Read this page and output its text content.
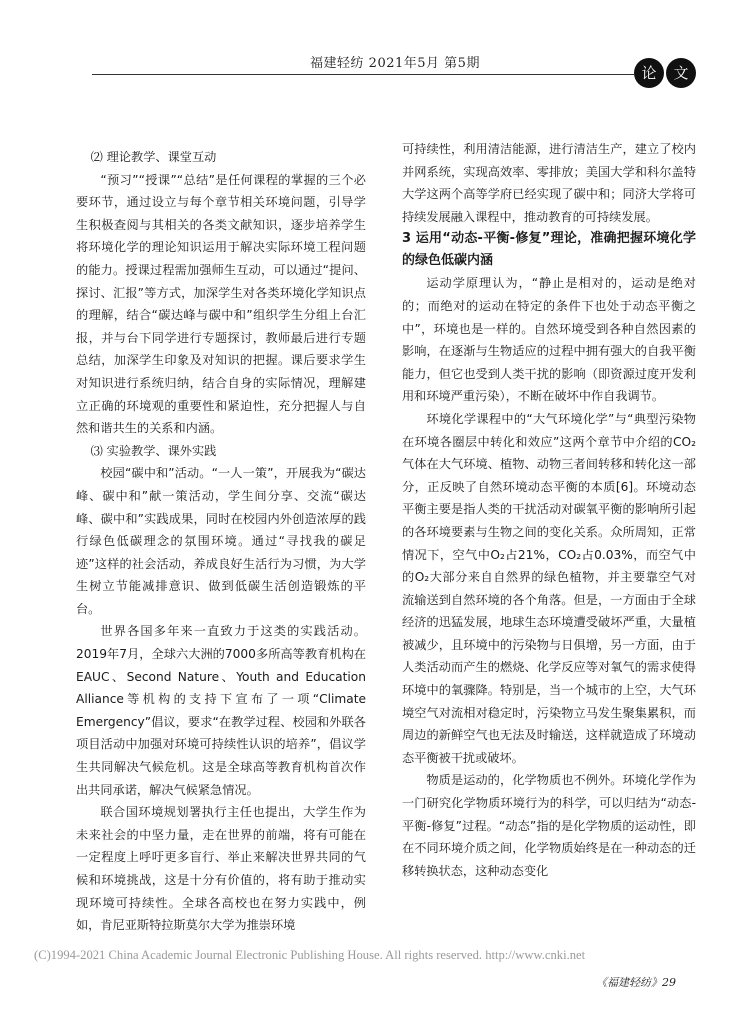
福建轻纺 2021年5月 第5期
论	文

⑵ 理论教学、课堂互动

“预习”“授课”“总结”是任何课程的掌握的三个必要环节，通过设立与每个章节相关环境问题，引导学生积极查阅与其相关的各类文献知识，逐步培养学生将环境化学的理论知识运用于解决实际环境工程问题的能力。授课过程需加强师生互动，可以通过“提问、探讨、汇报”等方式，加深学生对各类环境化学知识点的理解，结合“碳达峰与碳中和”组织学生分组上台汇报，并与台下同学进行专题探讨，教师最后进行专题总结，加深学生印象及对知识的把握。课后要求学生对知识进行系统归纳，结合自身的实际情况，理解建立正确的环境观的重要性和紧迫性，充分把握人与自然和谐共生的关系和内涵。

⑶ 实验教学、课外实践

校园“碳中和”活动。“一人一策”，开展我为“碳达峰、碳中和”献一策活动，学生间分享、交流“碳达峰、碳中和”实践成果，同时在校园内外创造浓厚的践行绿色低碳理念的氛围环境。通过“寻找我的碳足迹”这样的社会活动，养成良好生活行为习惯，为大学生树立节能减排意识、做到低碳生活创造锻炼的平台。

世界各国多年来一直致力于这类的实践活动。2019年7月，全球六大洲的7000多所高等教育机构在EAUC、Second Nature、Youth and Education Alliance等机构的支持下宣布了一项“Climate Emergency”倡议，要求“在教学过程、校园和外联各项目活动中加强对环境可持续性认识的培养”，倡议学生共同解决气候危机。这是全球高等教育机构首次作出共同承诺，解决气候紧急情况。

联合国环境规划署执行主任也提出，大学生作为未来社会的中坚力量，走在世界的前端，将有可能在一定程度上呼吁更多盲行、举止来解决世界共同的气候和环境挑战，这是十分有价值的，将有助于推动实现环境可持续性。全球各高校也在努力实践中，例如，肯尼亚斯特拉斯莫尔大学为推崇环境

可持续性，利用清洁能源，进行清洁生产，建立了校内并网系统，实现高效率、零排放；美国大学和科尔盖特大学这两个高等学府已经实现了碳中和；同济大学将可持续发展融入课程中，推动教育的可持续发展。

3 运用“动态-平衡-修复”理论，准确把握环境化学的绿色低碳内涵

运动学原理认为，“静止是相对的，运动是绝对的；而绝对的运动在特定的条件下也处于动态平衡之中”，环境也是一样的。自然环境受到各种自然因素的影响，在逐渐与生物适应的过程中拥有强大的自我平衡能力，但它也受到人类干扰的影响（即资源过度开发利用和环境严重污染），不断在破坏中作自我调节。

环境化学课程中的“大气环境化学”与“典型污染物在环境各圈层中转化和效应”这两个章节中介绍的CO₂气体在大气环境、植物、动物三者间转移和转化这一部分，正反映了自然环境动态平衡的本质[6]。环境动态平衡主要是指人类的干扰活动对碳氧平衡的影响所引起的各环境要素与生物之间的变化关系。众所周知，正常情况下，空气中O₂占21%，CO₂占0.03%，而空气中的O₂大部分来自自然界的绿色植物，并主要靠空气对流输送到自然环境的各个角落。但是，一方面由于全球经济的迅猛发展，地球生态环境遭受破坏严重，大量植被减少，且环境中的污染物与日俱增，另一方面，由于人类活动而产生的燃烧、化学反应等对氧气的需求使得环境中的氧骤降。特别是，当一个城市的上空，大气环境空气对流相对稳定时，污染物立马发生聚集累积，而周边的新鲜空气也无法及时输送，这样就造成了环境动态平衡被干扰或破坏。

物质是运动的，化学物质也不例外。环境化学作为一门研究化学物质环境行为的科学，可以归结为“动态-平衡-修复”过程。“动态”指的是化学物质的运动性，即在不同环境介质之间，化学物质始终是在一种动态的迁移转换状态，这种动态变化

(C)1994-2021 China Academic Journal Electronic Publishing House. All rights reserved. http://www.cnki.net
《福建轻纺》29
